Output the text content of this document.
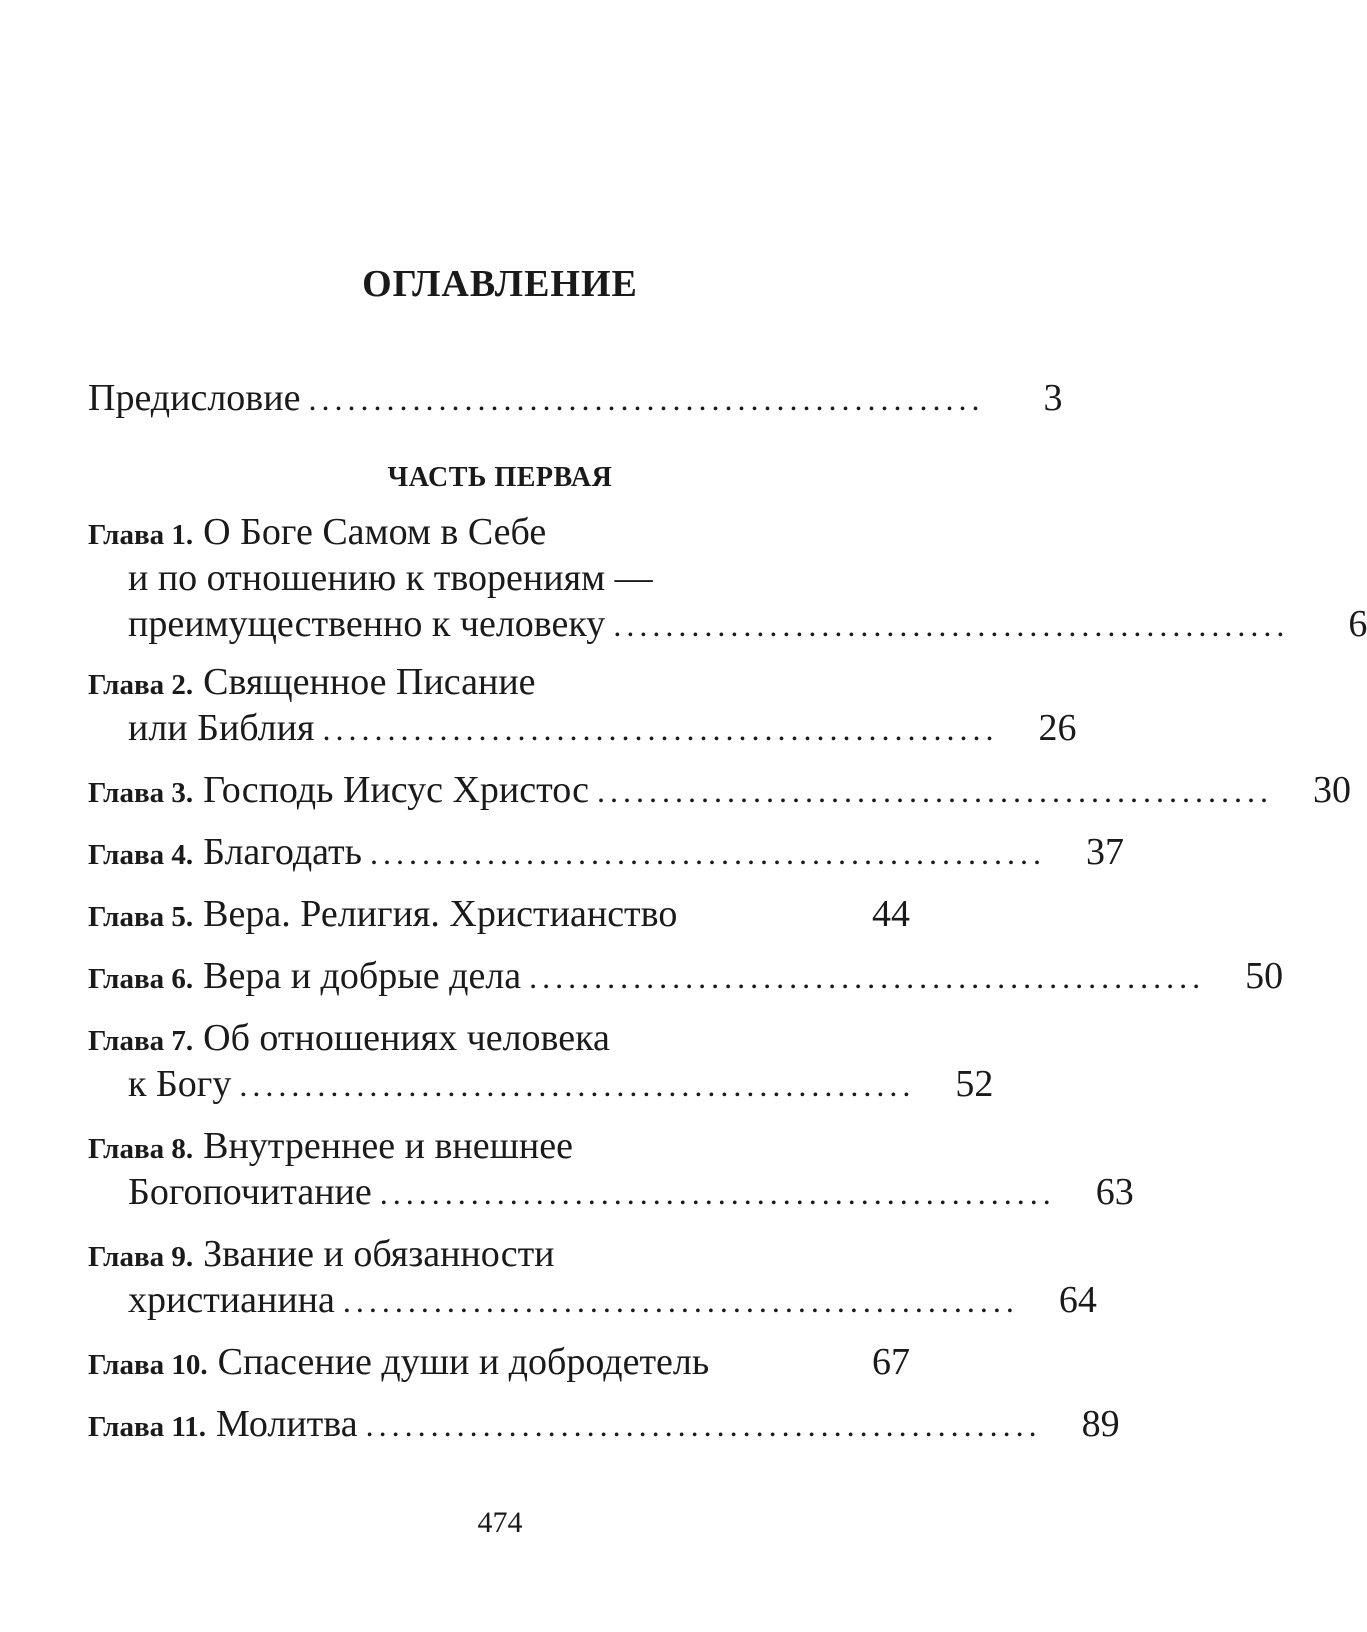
ОГЛАВЛЕНИЕ
Предисловие ....................................................	3
ЧАСТЬ ПЕРВАЯ
Глава 1. О Боге Самом в Себе
и по отношению к творениям —
преимущественно к человеку ....................................................	6
Глава 2. Священное Писание
или Библия ....................................................	26
Глава 3. Господь Иисус Христос ....................................................	30
Глава 4. Благодать ....................................................	37
Глава 5. Вера. Религия. Христианство	44
Глава 6. Вера и добрые дела ....................................................	50
Глава 7. Об отношениях человека
к Богу ....................................................	52
Глава 8. Внутреннее и внешнее
Богопочитание ....................................................	63
Глава 9. Звание и обязанности
христианина ....................................................	64
Глава 10. Спасение души и добродетель	67
Глава 11. Молитва ....................................................	89
474
